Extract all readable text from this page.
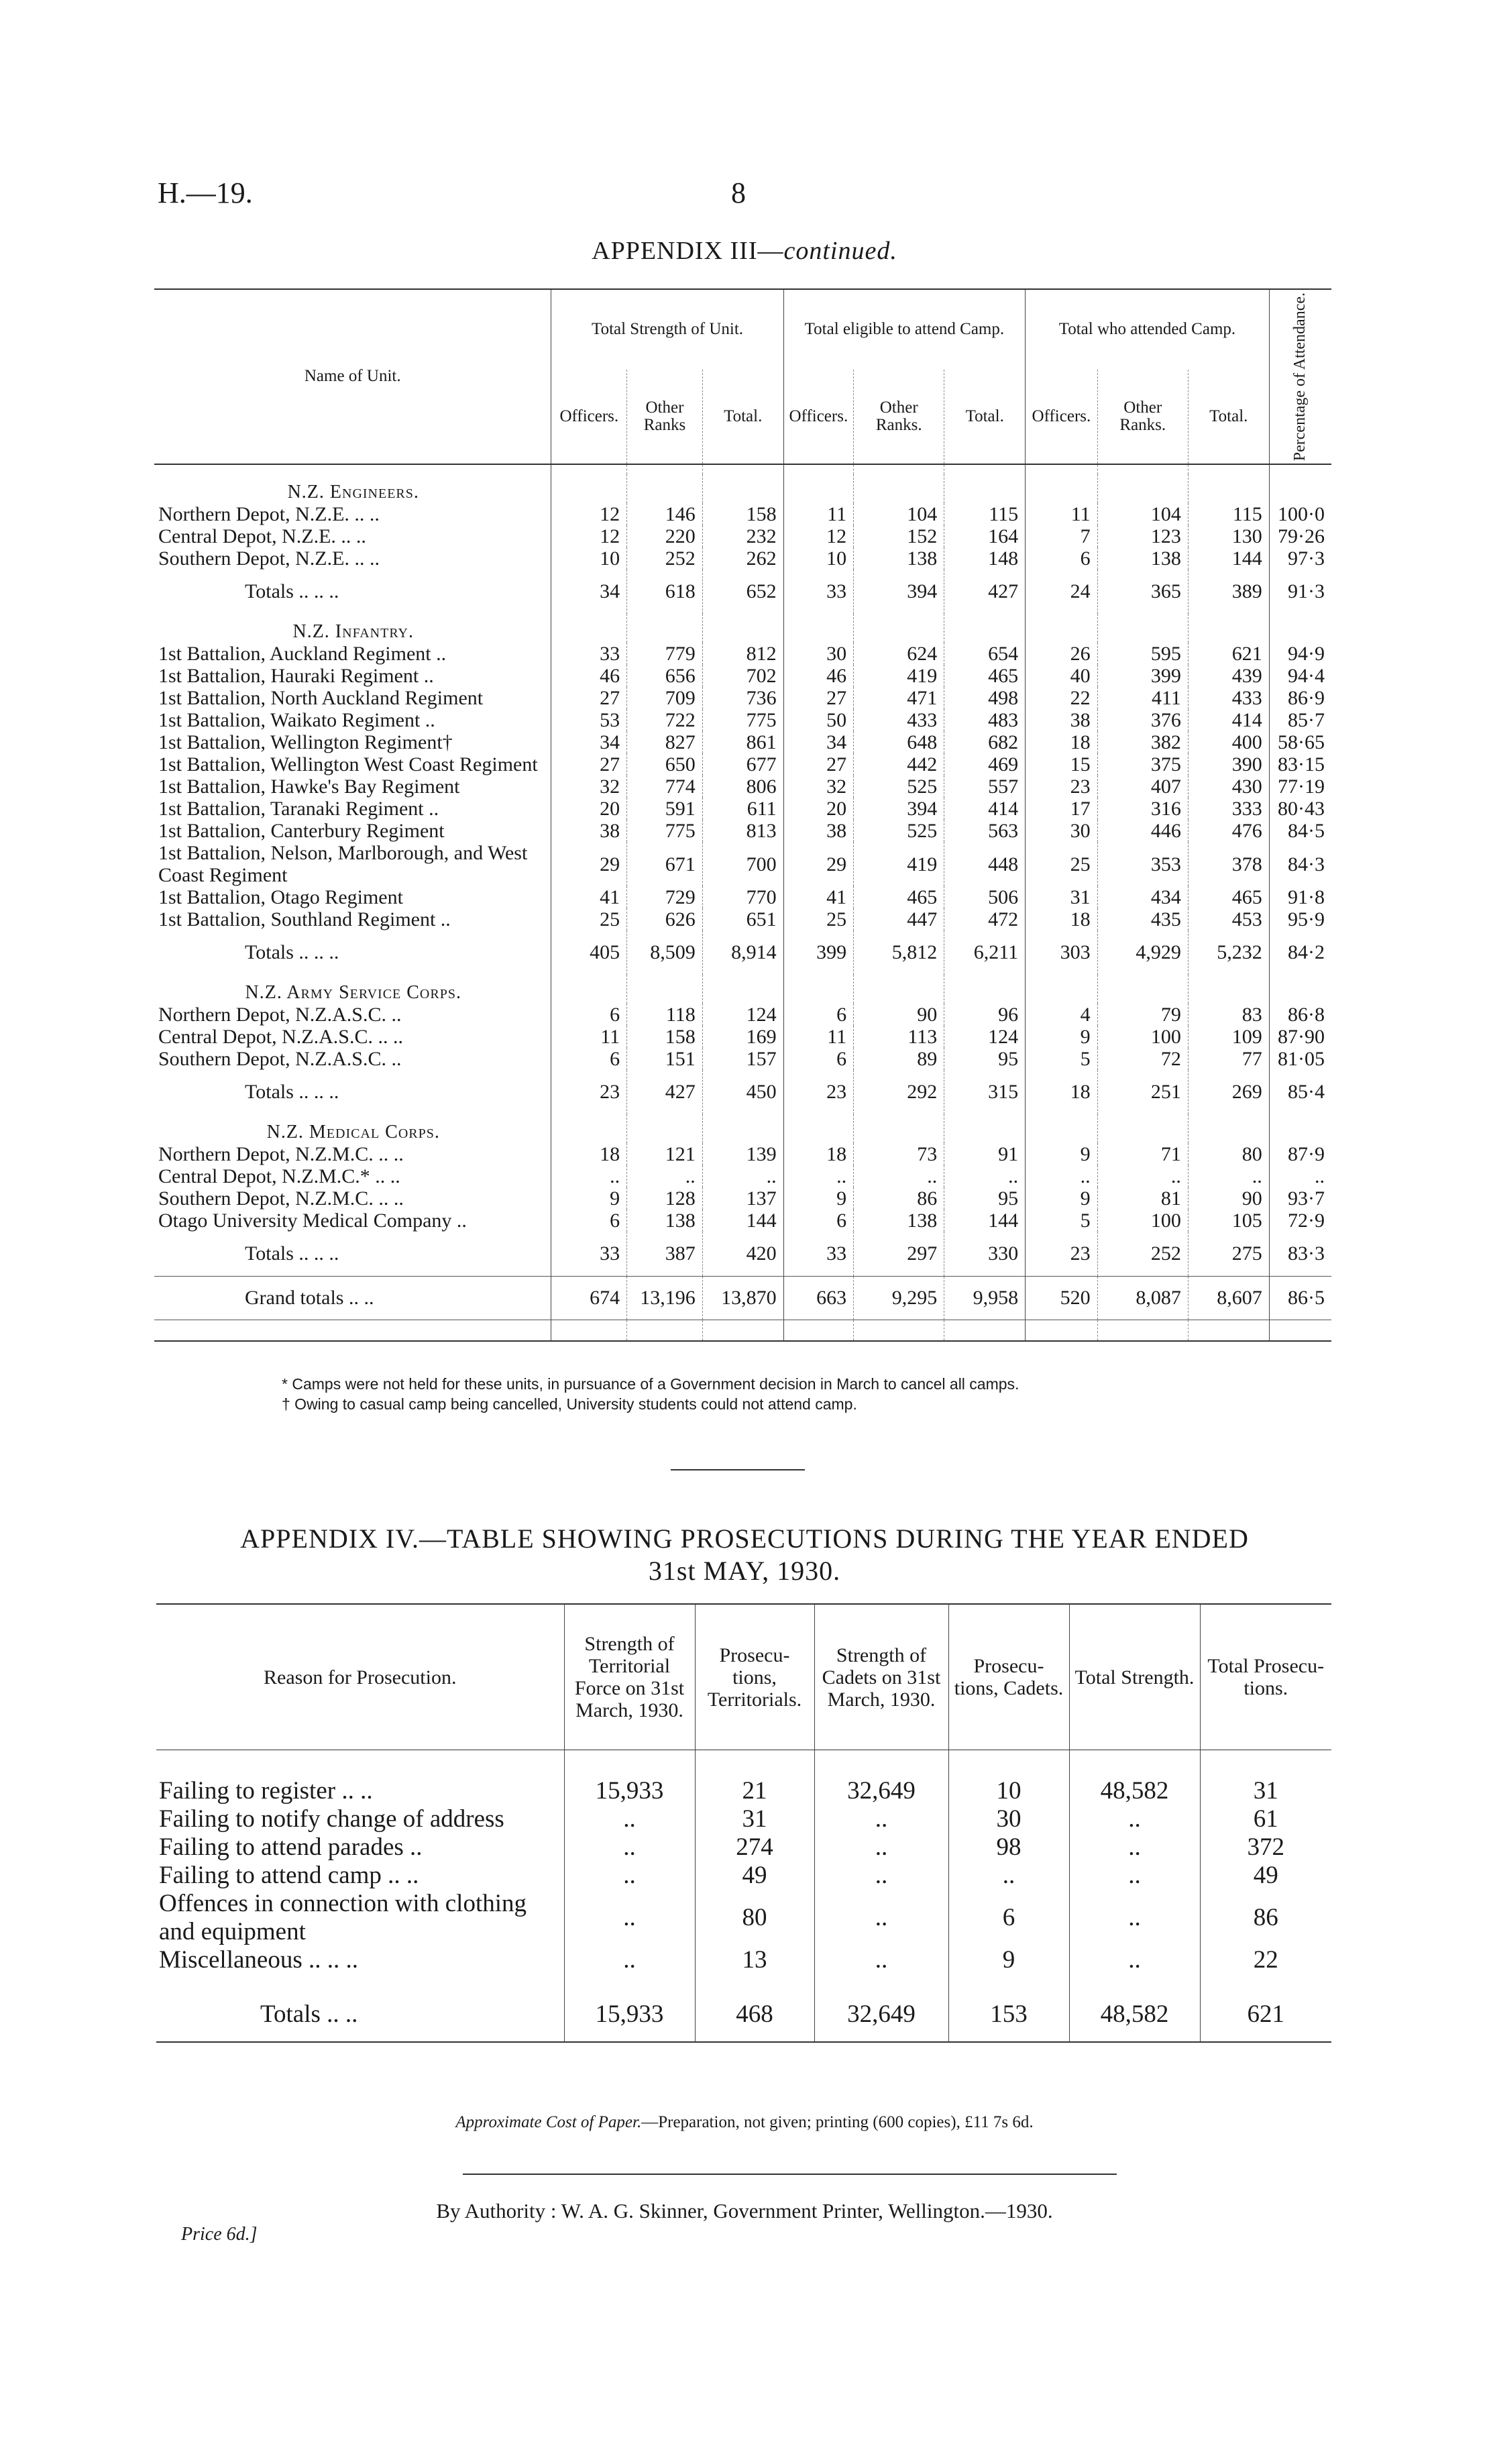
H.—19.	8
APPENDIX III—continued.
Name of Unit.	Total Strength of Unit.			Total eligible to attend Camp.			Total who attended Camp.			Percentage of Attendance.

	Officers.	Other Ranks	Total.	Officers.	Other Ranks.	Total.	Officers.	Other Ranks.	Total.	

N.Z. Engineers.										
Northern Depot, N.Z.E. .. ..	12	146	158	11	104	115	11	104	115	100·0
Central Depot, N.Z.E. .. ..	12	220	232	12	152	164	7	123	130	79·26
Southern Depot, N.Z.E. .. ..	10	252	262	10	138	148	6	138	144	97·3
Totals .. .. ..	34	618	652	33	394	427	24	365	389	91·3
N.Z. Infantry.										
1st Battalion, Auckland Regiment ..	33	779	812	30	624	654	26	595	621	94·9
1st Battalion, Hauraki Regiment ..	46	656	702	46	419	465	40	399	439	94·4
1st Battalion, North Auckland Regiment	27	709	736	27	471	498	22	411	433	86·9
1st Battalion, Waikato Regiment ..	53	722	775	50	433	483	38	376	414	85·7
1st Battalion, Wellington Regiment†	34	827	861	34	648	682	18	382	400	58·65
1st Battalion, Wellington West Coast Regiment	27	650	677	27	442	469	15	375	390	83·15
1st Battalion, Hawke's Bay Regiment	32	774	806	32	525	557	23	407	430	77·19
1st Battalion, Taranaki Regiment ..	20	591	611	20	394	414	17	316	333	80·43
1st Battalion, Canterbury Regiment	38	775	813	38	525	563	30	446	476	84·5
1st Battalion, Nelson, Marlborough, and West Coast Regiment	29	671	700	29	419	448	25	353	378	84·3
1st Battalion, Otago Regiment	41	729	770	41	465	506	31	434	465	91·8
1st Battalion, Southland Regiment ..	25	626	651	25	447	472	18	435	453	95·9
Totals .. .. ..	405	8,509	8,914	399	5,812	6,211	303	4,929	5,232	84·2
N.Z. Army Service Corps.										
Northern Depot, N.Z.A.S.C. ..	6	118	124	6	90	96	4	79	83	86·8
Central Depot, N.Z.A.S.C. .. ..	11	158	169	11	113	124	9	100	109	87·90
Southern Depot, N.Z.A.S.C. ..	6	151	157	6	89	95	5	72	77	81·05
Totals .. .. ..	23	427	450	23	292	315	18	251	269	85·4
N.Z. Medical Corps.										
Northern Depot, N.Z.M.C. .. ..	18	121	139	18	73	91	9	71	80	87·9
Central Depot, N.Z.M.C.* .. ..	..	..	..	..	..	..	..	..	..	..
Southern Depot, N.Z.M.C. .. ..	9	128	137	9	86	95	9	81	90	93·7
Otago University Medical Company ..	6	138	144	6	138	144	5	100	105	72·9
Totals .. .. ..	33	387	420	33	297	330	23	252	275	83·3
Grand totals .. ..	674	13,196	13,870	663	9,295	9,958	520	8,087	8,607	86·5

* Camps were not held for these units, in pursuance of a Government decision in March to cancel all camps.
† Owing to casual camp being cancelled, University students could not attend camp.
APPENDIX IV.—TABLE SHOWING PROSECUTIONS DURING THE YEAR ENDED
31st MAY, 1930.
Reason for Prosecution.	Strength of Territorial Force on 31st March, 1930.	Prosecu- tions, Territorials.	Strength of Cadets on 31st March, 1930.	Prosecu- tions, Cadets.	Total Strength.	Total Prosecu- tions.

Failing to register .. ..	15,933	21	32,649	10	48,582	31
Failing to notify change of address	..	31	..	30	..	61
Failing to attend parades ..	..	274	..	98	..	372
Failing to attend camp .. ..	..	49	..	..	..	49
Offences in connection with clothing and equipment	..	80	..	6	..	86
Miscellaneous .. .. ..	..	13	..	9	..	22

Totals .. ..	15,933	468	32,649	153	48,582	621
Approximate Cost of Paper.—Preparation, not given; printing (600 copies), £11 7s 6d.
By Authority : W. A. G. Skinner, Government Printer, Wellington.—1930.
Price 6d.]
